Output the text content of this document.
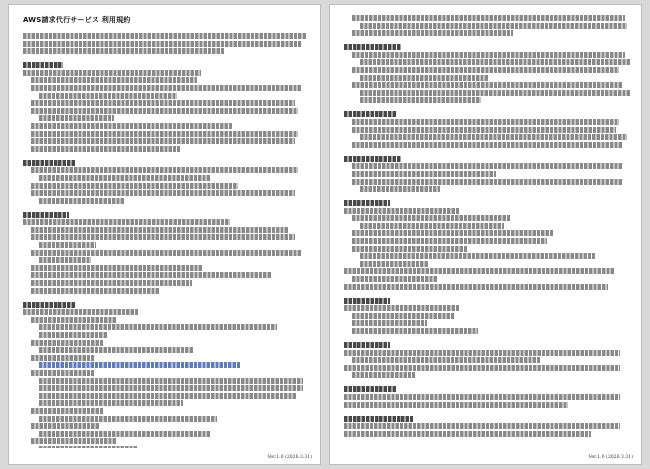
AWS請求代行サービス 利用規約
Ver.1.0 (2026.3.31)	Ver.1.0 (2026.3.31)
